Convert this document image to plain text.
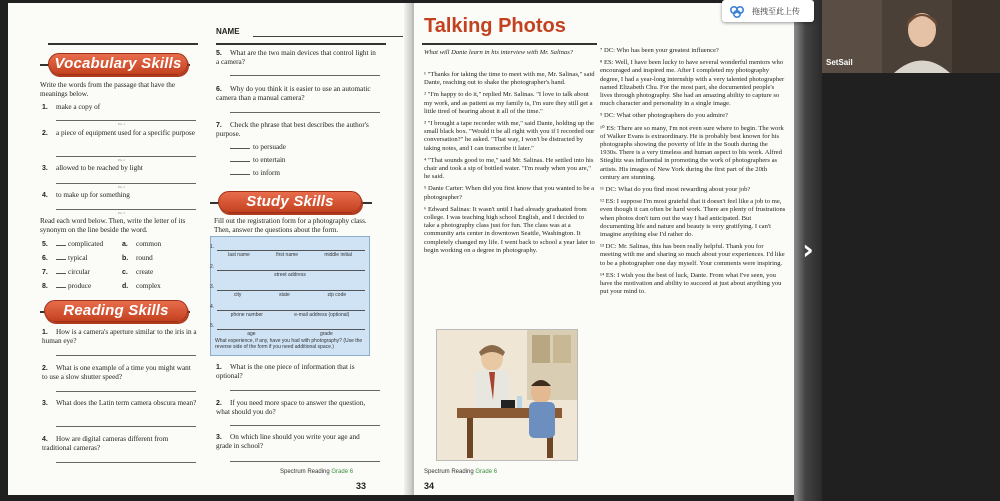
NAME
Vocabulary Skills
Write the words from the passage that have the meanings below.
1. make a copy of
Par. 1
2. a piece of equipment used for a specific purpose
Par. 2
3. allowed to be reached by light
Par. 3
4. to make up for something
Par. 3
Read each word below. Then, write the letter of its synonym on the line beside the word.
5.	complicated	a. common
6.	typical	b. round
7.	circular	c. create
8.	produce	d. complex
Reading Skills
1. How is a camera's aperture similar to the iris in a human eye?
2. What is one example of a time you might want to use a slow shutter speed?
3. What does the Latin term camera obscura mean?
4. How are digital cameras different from traditional cameras?
5. What are the two main devices that control light in a camera?
6. Why do you think it is easier to use an automatic camera than a manual camera?
7. Check the phrase that best describes the author's purpose.
to persuade
to entertain
to inform
Study Skills
Fill out the registration form for a photography class. Then, answer the questions about the form.
1.
last name	first name	middle initial
2.
street address
3.
city	state	zip code
4.
phone number	e-mail address (optional)
5.
age	grade
What experience, if any, have you had with photography? (Use the reverse side of the form if you need additional space.)
1. What is the one piece of information that is optional?
2. If you need more space to answer the question, what should you do?
3. On which line should you write your age and grade in school?
Spectrum Reading Grade 6
33
Talking Photos
What will Dante learn in his interview with Mr. Salinas?

¹ "Thanks for taking the time to meet with me, Mr. Salinas," said Dante, reaching out to shake the photographer's hand.

² "I'm happy to do it," replied Mr. Salinas. "I love to talk about my work, and as patient as my family is, I'm sure they still get a little tired of hearing about it all of the time."

³ "I brought a tape recorder with me," said Dante, holding up the small black box. "Would it be all right with you if I recorded our conversation?" he asked. "That way, I won't be distracted by taking notes, and I can transcribe it later."

⁴ "That sounds good to me," said Mr. Salinas. He settled into his chair and took a sip of bottled water. "I'm ready when you are," he said.

⁵ Dante Carter: When did you first know that you wanted to be a photographer?

⁶ Edward Salinas: It wasn't until I had already graduated from college. I was teaching high school English, and I decided to take a photography class just for fun. The class was at a community arts center in downtown Seattle, Washington. It completely changed my life. I went back to school a year later to begin working on a degree in photography.

⁷ DC: Who has been your greatest influence?

⁸ ES: Well, I have been lucky to have several wonderful mentors who encouraged and inspired me. After I completed my photography degree, I had a year-long internship with a very talented photographer named Elizabeth Chu. For the most part, she documented people's lives through photography. She had an amazing ability to capture so much character and personality in a single image.

⁹ DC: What other photographers do you admire?

¹⁰ ES: There are so many, I'm not even sure where to begin. The work of Walker Evans is extraordinary. He is probably best known for his photographs showing the poverty of life in the South during the 1930s. There is a very timeless and human aspect to his work. Alfred Stieglitz was influential in promoting the work of photographers as artists. His images of New York during the first part of the 20th century are stunning.

¹¹ DC: What do you find most rewarding about your job?

¹² ES: I suppose I'm most grateful that it doesn't feel like a job to me, even though it can often be hard work. There are plenty of frustrations when photos don't turn out the way I had anticipated. But documenting life and nature and beauty is very gratifying. I can't imagine anything else I'd rather do.

¹³ DC: Mr. Salinas, this has been really helpful. Thank you for meeting with me and sharing so much about your experiences. I'd like to be a photographer one day myself. Your comments were inspiring.

¹⁴ ES: I wish you the best of luck, Dante. From what I've seen, you have the motivation and ability to succeed at just about anything you put your mind to.

Spectrum Reading Grade 6
34
›
拖拽至此上传
SetSail
